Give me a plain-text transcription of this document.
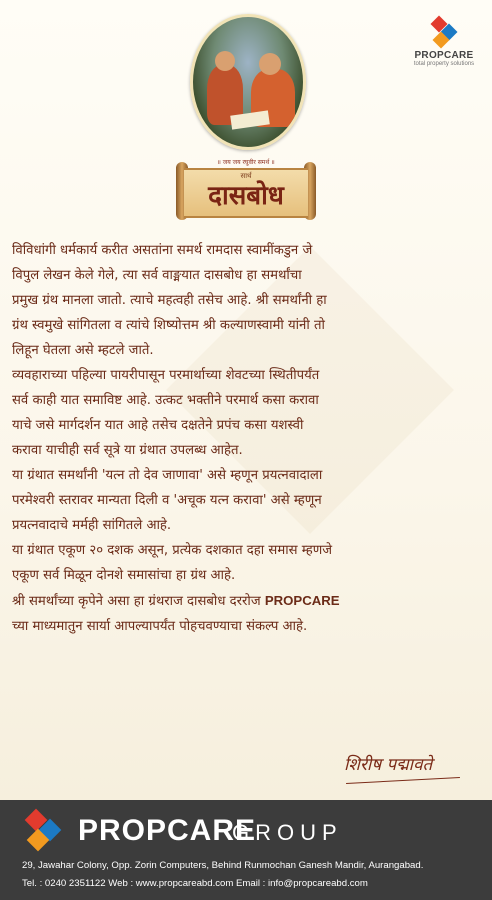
PROPCARE
total property solutions
॥ जय जय रघुवीर समर्थ ॥
सार्थ
दासबोध
विविधांगी धर्मकार्य करीत असतांना समर्थ रामदास स्वामींकडुन जे
विपुल लेखन केले गेले, त्या सर्व वाङ्मयात दासबोध हा समर्थांचा
प्रमुख ग्रंथ मानला जातो. त्याचे महत्वही तसेच आहे. श्री समर्थांनी हा
ग्रंथ स्वमुखे सांगितला व त्यांचे शिष्योत्तम श्री कल्याणस्वामी यांनी तो
लिहून घेतला असे म्हटले जाते.
व्यवहाराच्या पहिल्या पायरीपासून परमार्थाच्या शेवटच्या स्थितीपर्यंत
सर्व काही यात समाविष्ट आहे. उत्कट भक्तीने परमार्थ कसा करावा
याचे जसे मार्गदर्शन यात आहे तसेच दक्षतेने प्रपंच कसा यशस्वी
करावा याचीही सर्व सूत्रे या ग्रंथात उपलब्ध आहेत.
या ग्रंथात समर्थांनी 'यत्न तो देव जाणावा' असे म्हणून प्रयत्नवादाला
परमेश्वरी स्तरावर मान्यता दिली व 'अचूक यत्न करावा' असे म्हणून
प्रयत्नवादाचे मर्मही सांगितले आहे.
या ग्रंथात एकूण २० दशक असून, प्रत्येक दशकात दहा समास म्हणजे
एकूण सर्व मिळून दोनशे समासांचा हा ग्रंथ आहे.
श्री समर्थांच्या कृपेने असा हा ग्रंथराज दासबोध दररोज PROPCARE
च्या माध्यमातुन सार्या आपल्यापर्यंत पोहचवण्याचा संकल्प आहे.
शिरीष पद्मावते
PROPCARE
GROUP
29, Jawahar Colony, Opp. Zorin Computers, Behind Runmochan Ganesh Mandir, Aurangabad.
Tel. : 0240 2351122 Web : www.propcareabd.com Email : info@propcareabd.com
